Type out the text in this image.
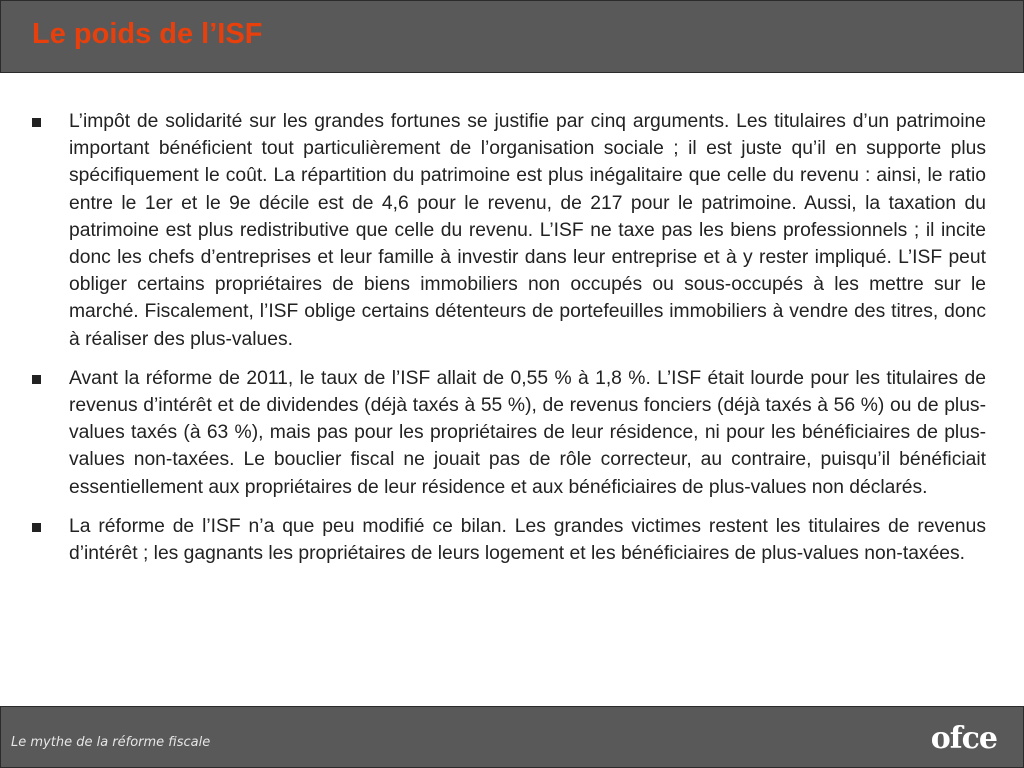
Le poids de l’ISF

L’impôt de solidarité sur les grandes fortunes se justifie par cinq arguments. Les titulaires d’un patrimoine important bénéficient tout particulièrement de l’organisation sociale ; il est juste qu’il en supporte plus spécifiquement le coût. La répartition du patrimoine est plus inégalitaire que celle du revenu : ainsi, le ratio entre le 1er et le 9e décile est de 4,6 pour le revenu, de 217 pour le patrimoine. Aussi, la taxation du patrimoine est plus redistributive que celle du revenu. L’ISF ne taxe pas les biens professionnels ; il incite donc les chefs d’entreprises et leur famille à investir dans leur entreprise et à y rester impliqué. L’ISF peut obliger certains propriétaires de biens immobiliers non occupés ou sous-occupés à les mettre sur le marché. Fiscalement, l’ISF oblige certains détenteurs de portefeuilles immobiliers à vendre des titres, donc à réaliser des plus-values.

Avant la réforme de 2011, le taux de l’ISF allait de 0,55 % à 1,8 %. L’ISF était lourde pour les titulaires de revenus d’intérêt et de dividendes (déjà taxés à 55 %), de revenus fonciers (déjà taxés à 56 %) ou de plus-values taxés (à 63 %), mais pas pour les propriétaires de leur résidence, ni pour les bénéficiaires de plus-values non-taxées. Le bouclier fiscal ne jouait pas de rôle correcteur, au contraire, puisqu’il bénéficiait essentiellement aux propriétaires de leur résidence et aux bénéficiaires de plus-values non déclarés.

La réforme de l’ISF n’a que peu modifié ce bilan. Les grandes victimes restent les titulaires de revenus d’intérêt ; les gagnants les propriétaires de leurs logement et les bénéficiaires de plus-values non-taxées.

Le mythe de la réforme fiscale	ofce
